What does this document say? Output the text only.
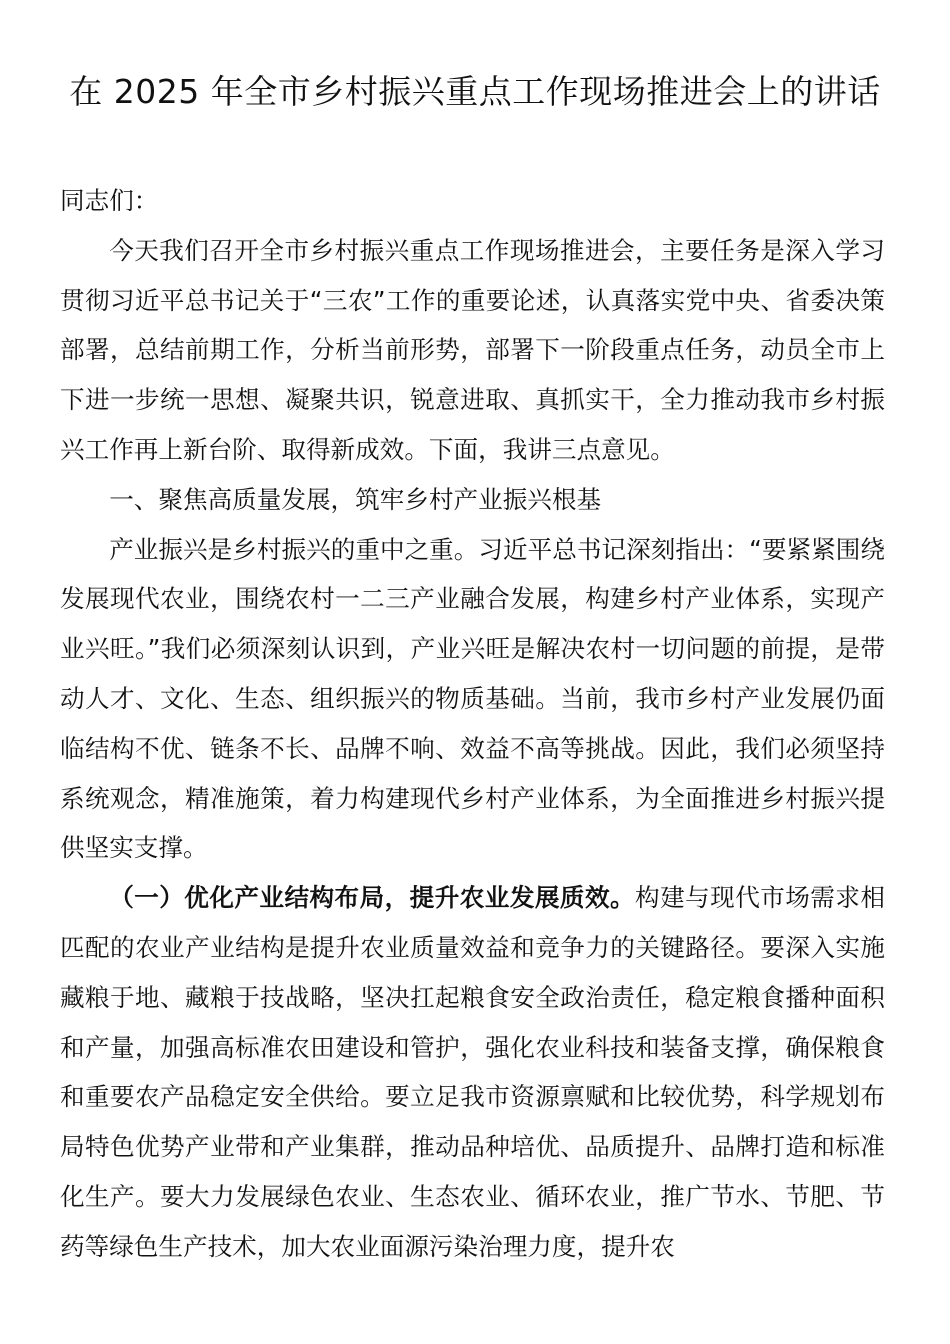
在 2025 年全市乡村振兴重点工作现场推进会上的讲话

同志们：

今天我们召开全市乡村振兴重点工作现场推进会，主要任务是深入学习贯彻习近平总书记关于“三农”工作的重要论述，认真落实党中央、省委决策部署，总结前期工作，分析当前形势，部署下一阶段重点任务，动员全市上下进一步统一思想、凝聚共识，锐意进取、真抓实干，全力推动我市乡村振兴工作再上新台阶、取得新成效。下面，我讲三点意见。

一、聚焦高质量发展，筑牢乡村产业振兴根基

产业振兴是乡村振兴的重中之重。习近平总书记深刻指出：“要紧紧围绕发展现代农业，围绕农村一二三产业融合发展，构建乡村产业体系，实现产业兴旺。”我们必须深刻认识到，产业兴旺是解决农村一切问题的前提，是带动人才、文化、生态、组织振兴的物质基础。当前，我市乡村产业发展仍面临结构不优、链条不长、品牌不响、效益不高等挑战。因此，我们必须坚持系统观念，精准施策，着力构建现代乡村产业体系，为全面推进乡村振兴提供坚实支撑。

（一）优化产业结构布局，提升农业发展质效。构建与现代市场需求相匹配的农业产业结构是提升农业质量效益和竞争力的关键路径。要深入实施藏粮于地、藏粮于技战略，坚决扛起粮食安全政治责任，稳定粮食播种面积和产量，加强高标准农田建设和管护，强化农业科技和装备支撑，确保粮食和重要农产品稳定安全供给。要立足我市资源禀赋和比较优势，科学规划布局特色优势产业带和产业集群，推动品种培优、品质提升、品牌打造和标准化生产。要大力发展绿色农业、生态农业、循环农业，推广节水、节肥、节药等绿色生产技术，加大农业面源污染治理力度，提升农
